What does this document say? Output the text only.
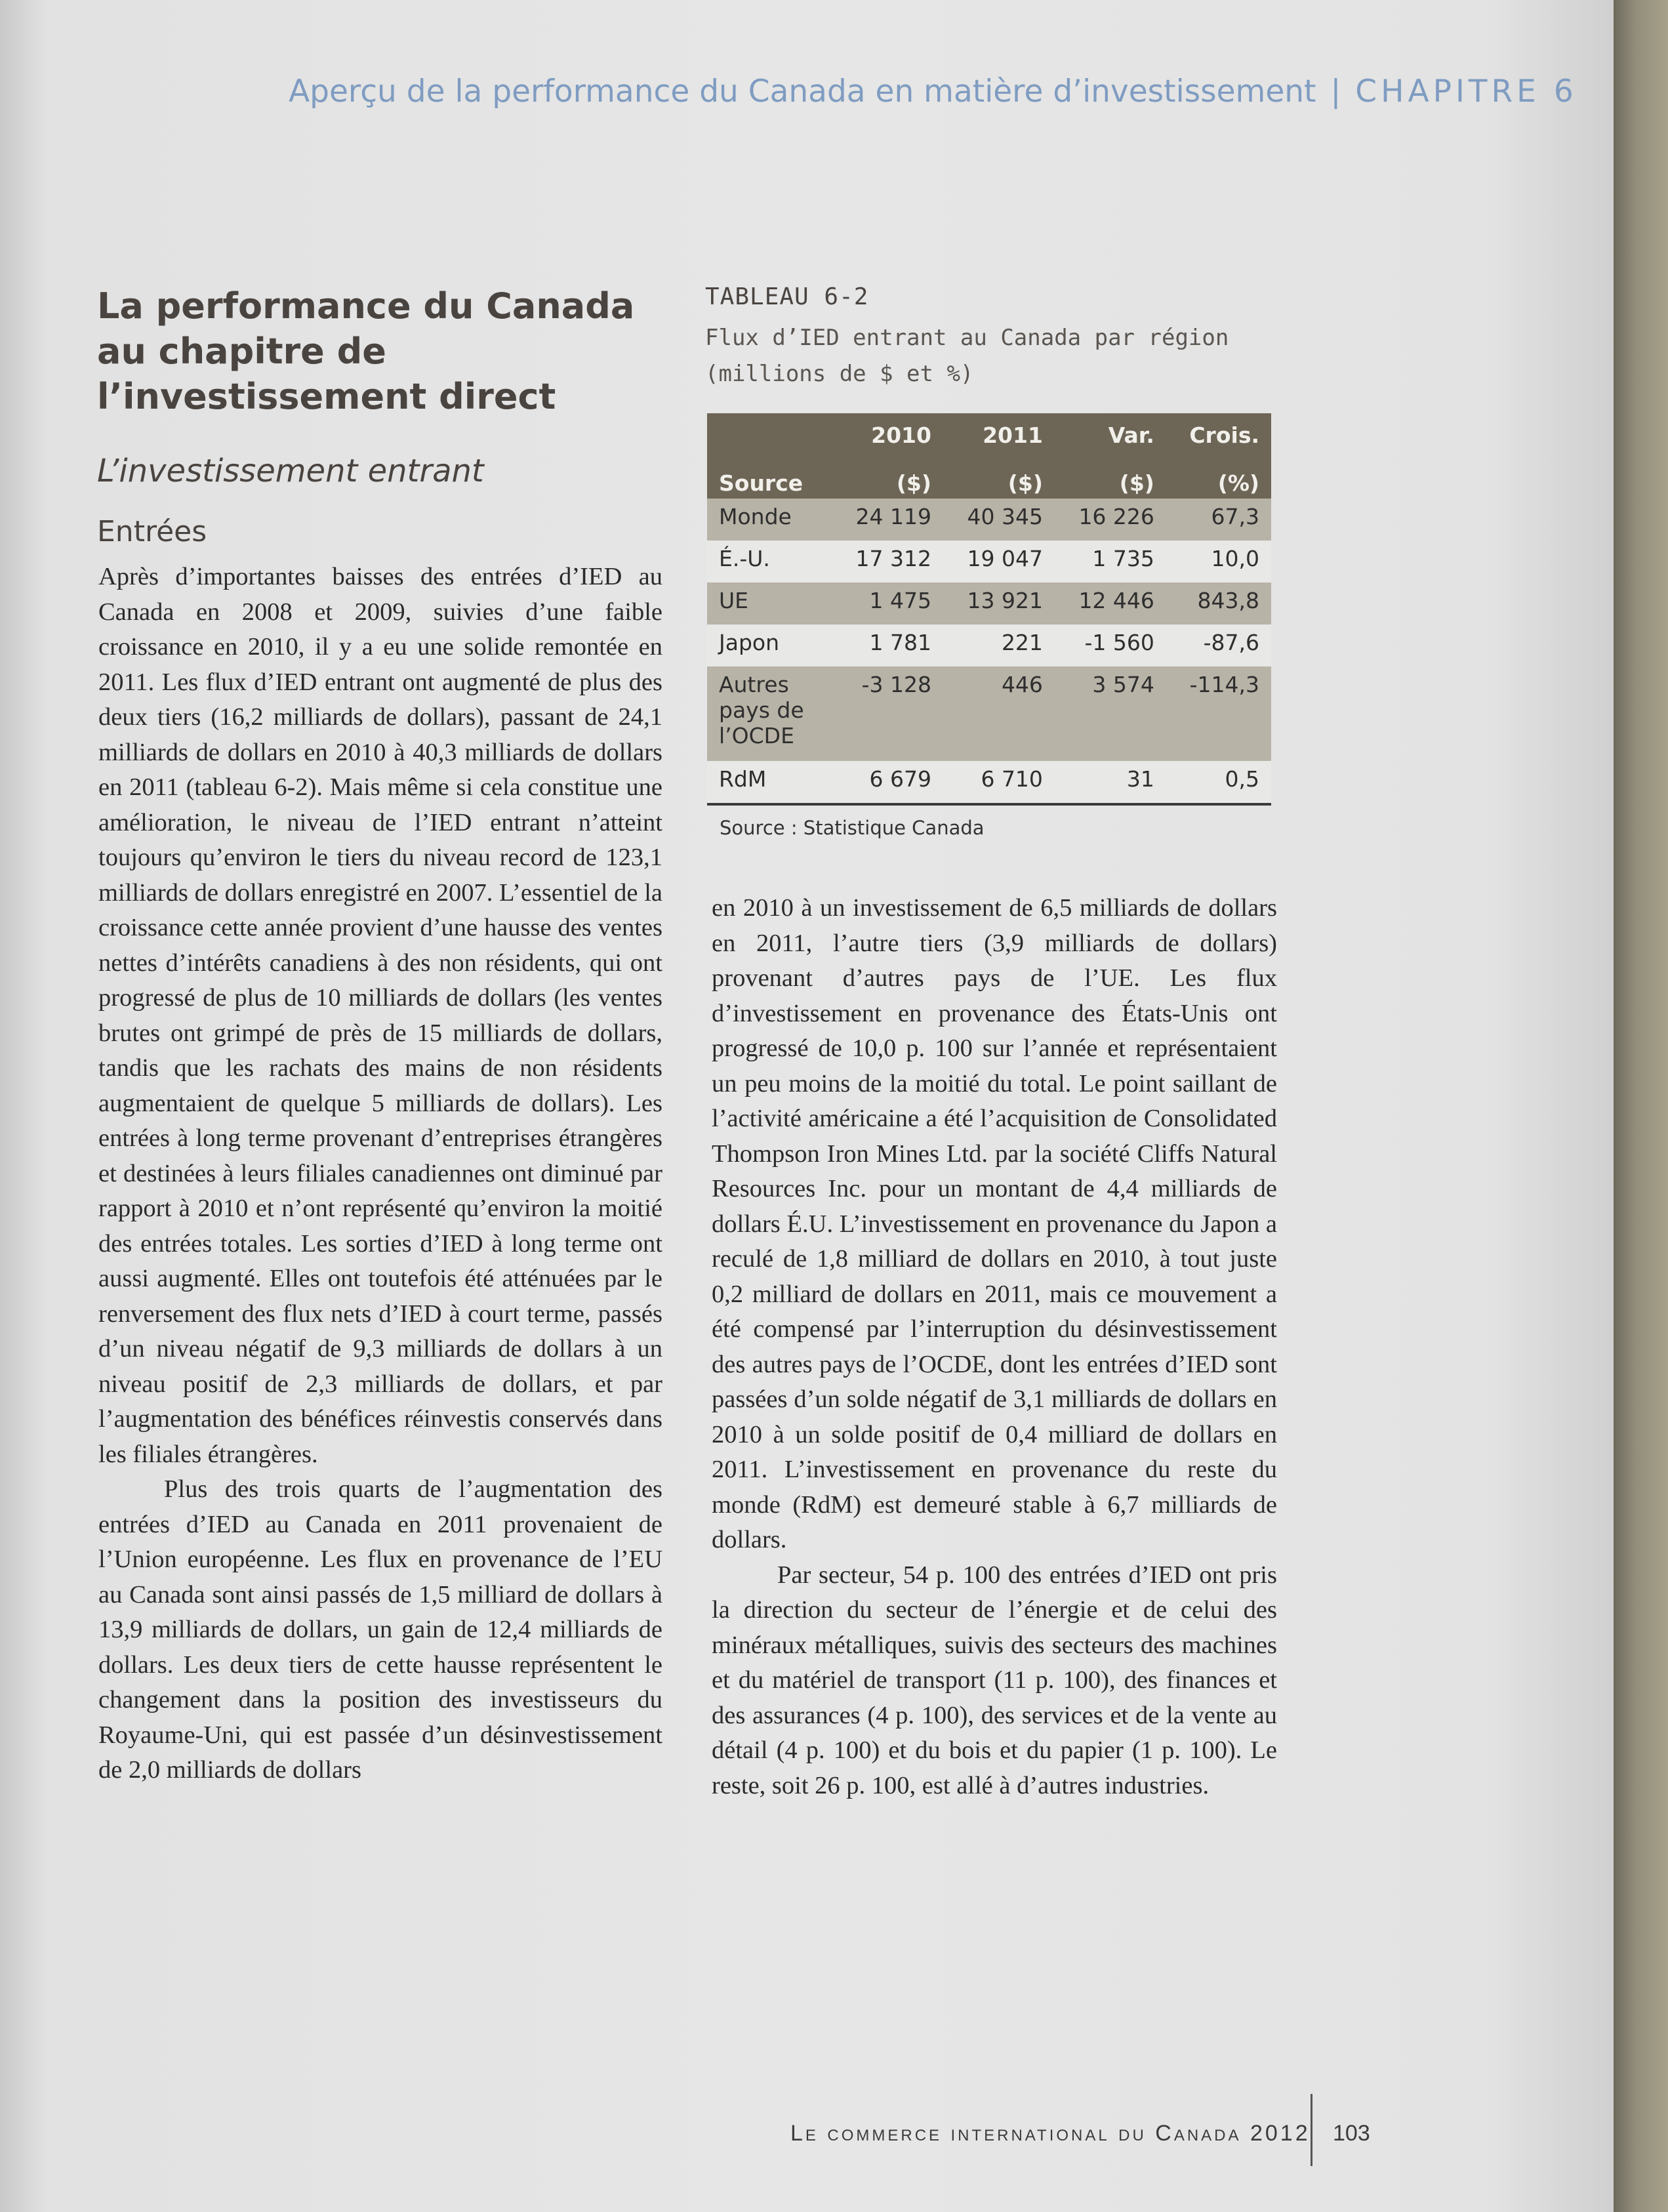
Aperçu de la performance du Canada en matière d’investissement | CHAPITRE 6
La performance du Canada au chapitre de l’investissement direct
L’investissement entrant
Entrées

Après d’importantes baisses des entrées d’IED au Canada en 2008 et 2009, suivies d’une faible croissance en 2010, il y a eu une solide remontée en 2011. Les flux d’IED entrant ont augmenté de plus des deux tiers (16,2 milliards de dollars), passant de 24,1 milliards de dollars en 2010 à 40,3 milliards de dollars en 2011 (tableau 6-2). Mais même si cela constitue une amélioration, le niveau de l’IED entrant n’atteint toujours qu’environ le tiers du niveau record de 123,1 milliards de dollars enregistré en 2007. L’essentiel de la croissance cette année provient d’une hausse des ventes nettes d’intérêts canadiens à des non résidents, qui ont progressé de plus de 10 milliards de dollars (les ventes brutes ont grimpé de près de 15 milliards de dollars, tandis que les rachats des mains de non résidents augmentaient de quelque 5 milliards de dollars). Les entrées à long terme provenant d’entreprises étrangères et destinées à leurs filiales canadiennes ont diminué par rapport à 2010 et n’ont représenté qu’environ la moitié des entrées totales. Les sorties d’IED à long terme ont aussi augmenté. Elles ont toutefois été atténuées par le renversement des flux nets d’IED à court terme, passés d’un niveau négatif de 9,3 milliards de dollars à un niveau positif de 2,3 milliards de dollars, et par l’augmentation des bénéfices réinvestis conservés dans les filiales étrangères.

Plus des trois quarts de l’augmentation des entrées d’IED au Canada en 2011 provenaient de l’Union européenne. Les flux en provenance de l’EU au Canada sont ainsi passés de 1,5 milliard de dollars à 13,9 milliards de dollars, un gain de 12,4 milliards de dollars. Les deux tiers de cette hausse représentent le changement dans la position des investisseurs du Royaume-Uni, qui est passée d’un désinvestissement de 2,0 milliards de dollars

TABLEAU 6-2
Flux d’IED entrant au Canada par région
(millions de $ et %)
	2010	2011	Var.	Crois.
Source	($)	($)	($)	(%)
Monde	24 119	40 345	16 226	67,3
É.-U.	17 312	19 047	1 735	10,0
UE	1 475	13 921	12 446	843,8
Japon	1 781	221	-1 560	-87,6
Autres pays de l’OCDE	-3 128	446	3 574	-114,3
RdM	6 679	6 710	31	0,5
Source : Statistique Canada

en 2010 à un investissement de 6,5 milliards de dollars en 2011, l’autre tiers (3,9 milliards de dollars) provenant d’autres pays de l’UE. Les flux d’investissement en provenance des États-Unis ont progressé de 10,0 p. 100 sur l’année et représentaient un peu moins de la moitié du total. Le point saillant de l’activité américaine a été l’acquisition de Consolidated Thompson Iron Mines Ltd. par la société Cliffs Natural Resources Inc. pour un montant de 4,4 milliards de dollars É.U. L’investissement en provenance du Japon a reculé de 1,8 milliard de dollars en 2010, à tout juste 0,2 milliard de dollars en 2011, mais ce mouvement a été compensé par l’interruption du désinvestissement des autres pays de l’OCDE, dont les entrées d’IED sont passées d’un solde négatif de 3,1 milliards de dollars en 2010 à un solde positif de 0,4 milliard de dollars en 2011. L’investissement en provenance du reste du monde (RdM) est demeuré stable à 6,7 milliards de dollars.

Par secteur, 54 p. 100 des entrées d’IED ont pris la direction du secteur de l’énergie et de celui des minéraux métalliques, suivis des secteurs des machines et du matériel de transport (11 p. 100), des finances et des assurances (4 p. 100), des services et de la vente au détail (4 p. 100) et du bois et du papier (1 p. 100). Le reste, soit 26 p. 100, est allé à d’autres industries.

Le commerce international du Canada 2012 103
